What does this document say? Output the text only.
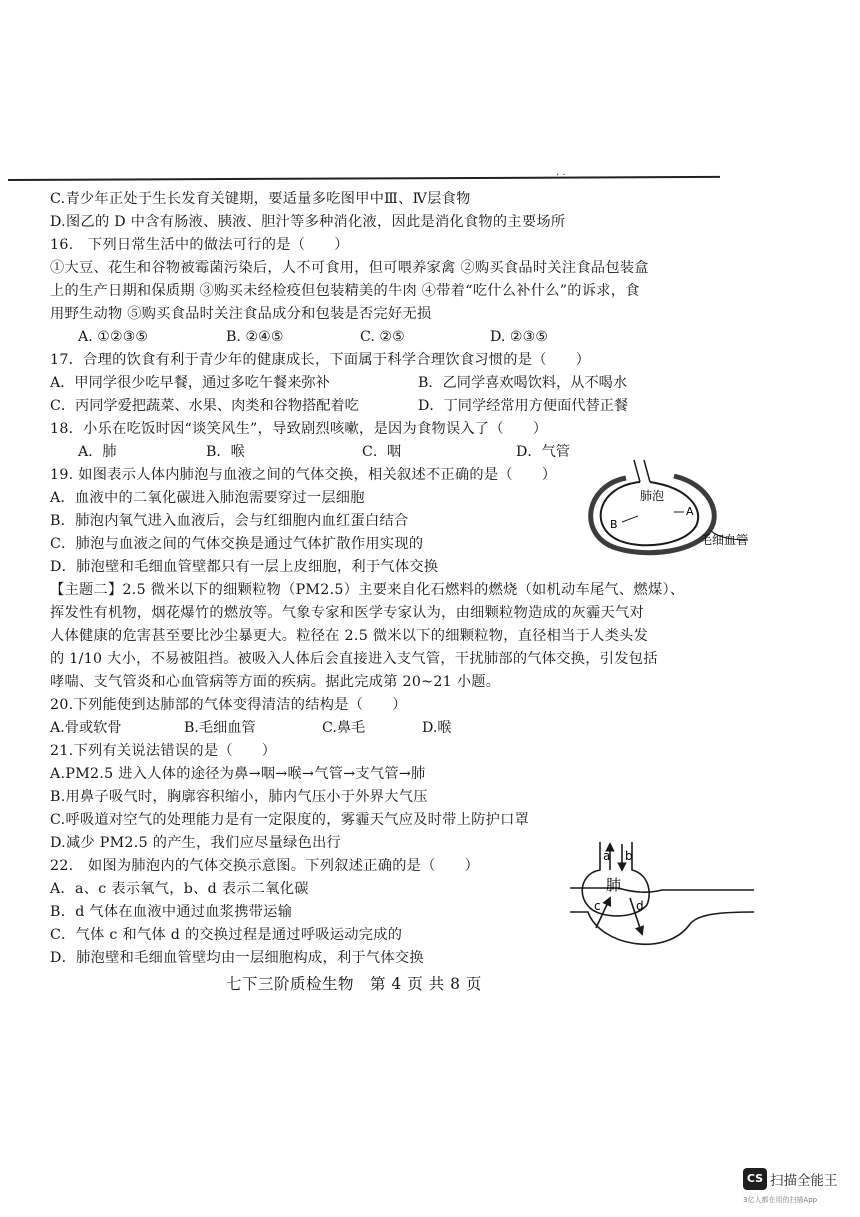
· ·
C.青少年正处于生长发育关键期，要适量多吃图甲中Ⅲ、Ⅳ层食物
D.图乙的 D 中含有肠液、胰液、胆汁等多种消化液，因此是消化食物的主要场所
16.　下列日常生活中的做法可行的是（　　）
①大豆、花生和谷物被霉菌污染后，人不可食用，但可喂养家禽 ②购买食品时关注食品包装盒
上的生产日期和保质期 ③购买未经检疫但包装精美的牛肉 ④带着“吃什么补什么”的诉求，食
用野生动物 ⑤购买食品时关注食品成分和包装是否完好无损
A. ①②③⑤	B. ②④⑤	C. ②⑤	D. ②③⑤
17．合理的饮食有利于青少年的健康成长，下面属于科学合理饮食习惯的是（　　）
A．甲同学很少吃早餐，通过多吃午餐来弥补	B．乙同学喜欢喝饮料，从不喝水
C．丙同学爱把蔬菜、水果、肉类和谷物搭配着吃	D．丁同学经常用方便面代替正餐
18．小乐在吃饭时因“谈笑风生”，导致剧烈咳嗽，是因为食物误入了（　　）
A．肺	B．喉	C．咽	D．气管
19. 如图表示人体内肺泡与血液之间的气体交换，相关叙述不正确的是（　　）
A．血液中的二氧化碳进入肺泡需要穿过一层细胞
B．肺泡内氧气进入血液后，会与红细胞内血红蛋白结合
C．肺泡与血液之间的气体交换是通过气体扩散作用实现的
D．肺泡壁和毛细血管壁都只有一层上皮细胞，利于气体交换
肺泡
A
B
毛细血管
【主题二】2.5 微米以下的细颗粒物（PM2.5）主要来自化石燃料的燃烧（如机动车尾气、燃煤）、
挥发性有机物，烟花爆竹的燃放等。气象专家和医学专家认为，由细颗粒物造成的灰霾天气对
人体健康的危害甚至要比沙尘暴更大。粒径在 2.5 微米以下的细颗粒物，直径相当于人类头发
的 1/10 大小，不易被阻挡。被吸入人体后会直接进入支气管，干扰肺部的气体交换，引发包括
哮喘、支气管炎和心血管病等方面的疾病。据此完成第 20~21 小题。
20.下列能使到达肺部的气体变得清洁的结构是（　　）
A.骨或软骨	B.毛细血管	C.鼻毛	D.喉
21.下列有关说法错误的是（　　）
A.PM2.5 进入人体的途径为鼻→咽→喉→气管→支气管→肺
B.用鼻子吸气时，胸廓容积缩小，肺内气压小于外界大气压
C.呼吸道对空气的处理能力是有一定限度的，雾霾天气应及时带上防护口罩
D.减少 PM2.5 的产生，我们应尽量绿色出行
22.　如图为肺泡内的气体交换示意图。下列叙述正确的是（　　）
A．a、c 表示氧气，b、d 表示二氧化碳
B．d 气体在血液中通过血浆携带运输
C．气体 c 和气体 d 的交换过程是通过呼吸运动完成的
D．肺泡壁和毛细血管壁均由一层细胞构成，利于气体交换
a b
肺
c	d
七下三阶质检生物　第 4 页 共 8 页
CS 扫描全能王
3亿人都在用的扫描App
